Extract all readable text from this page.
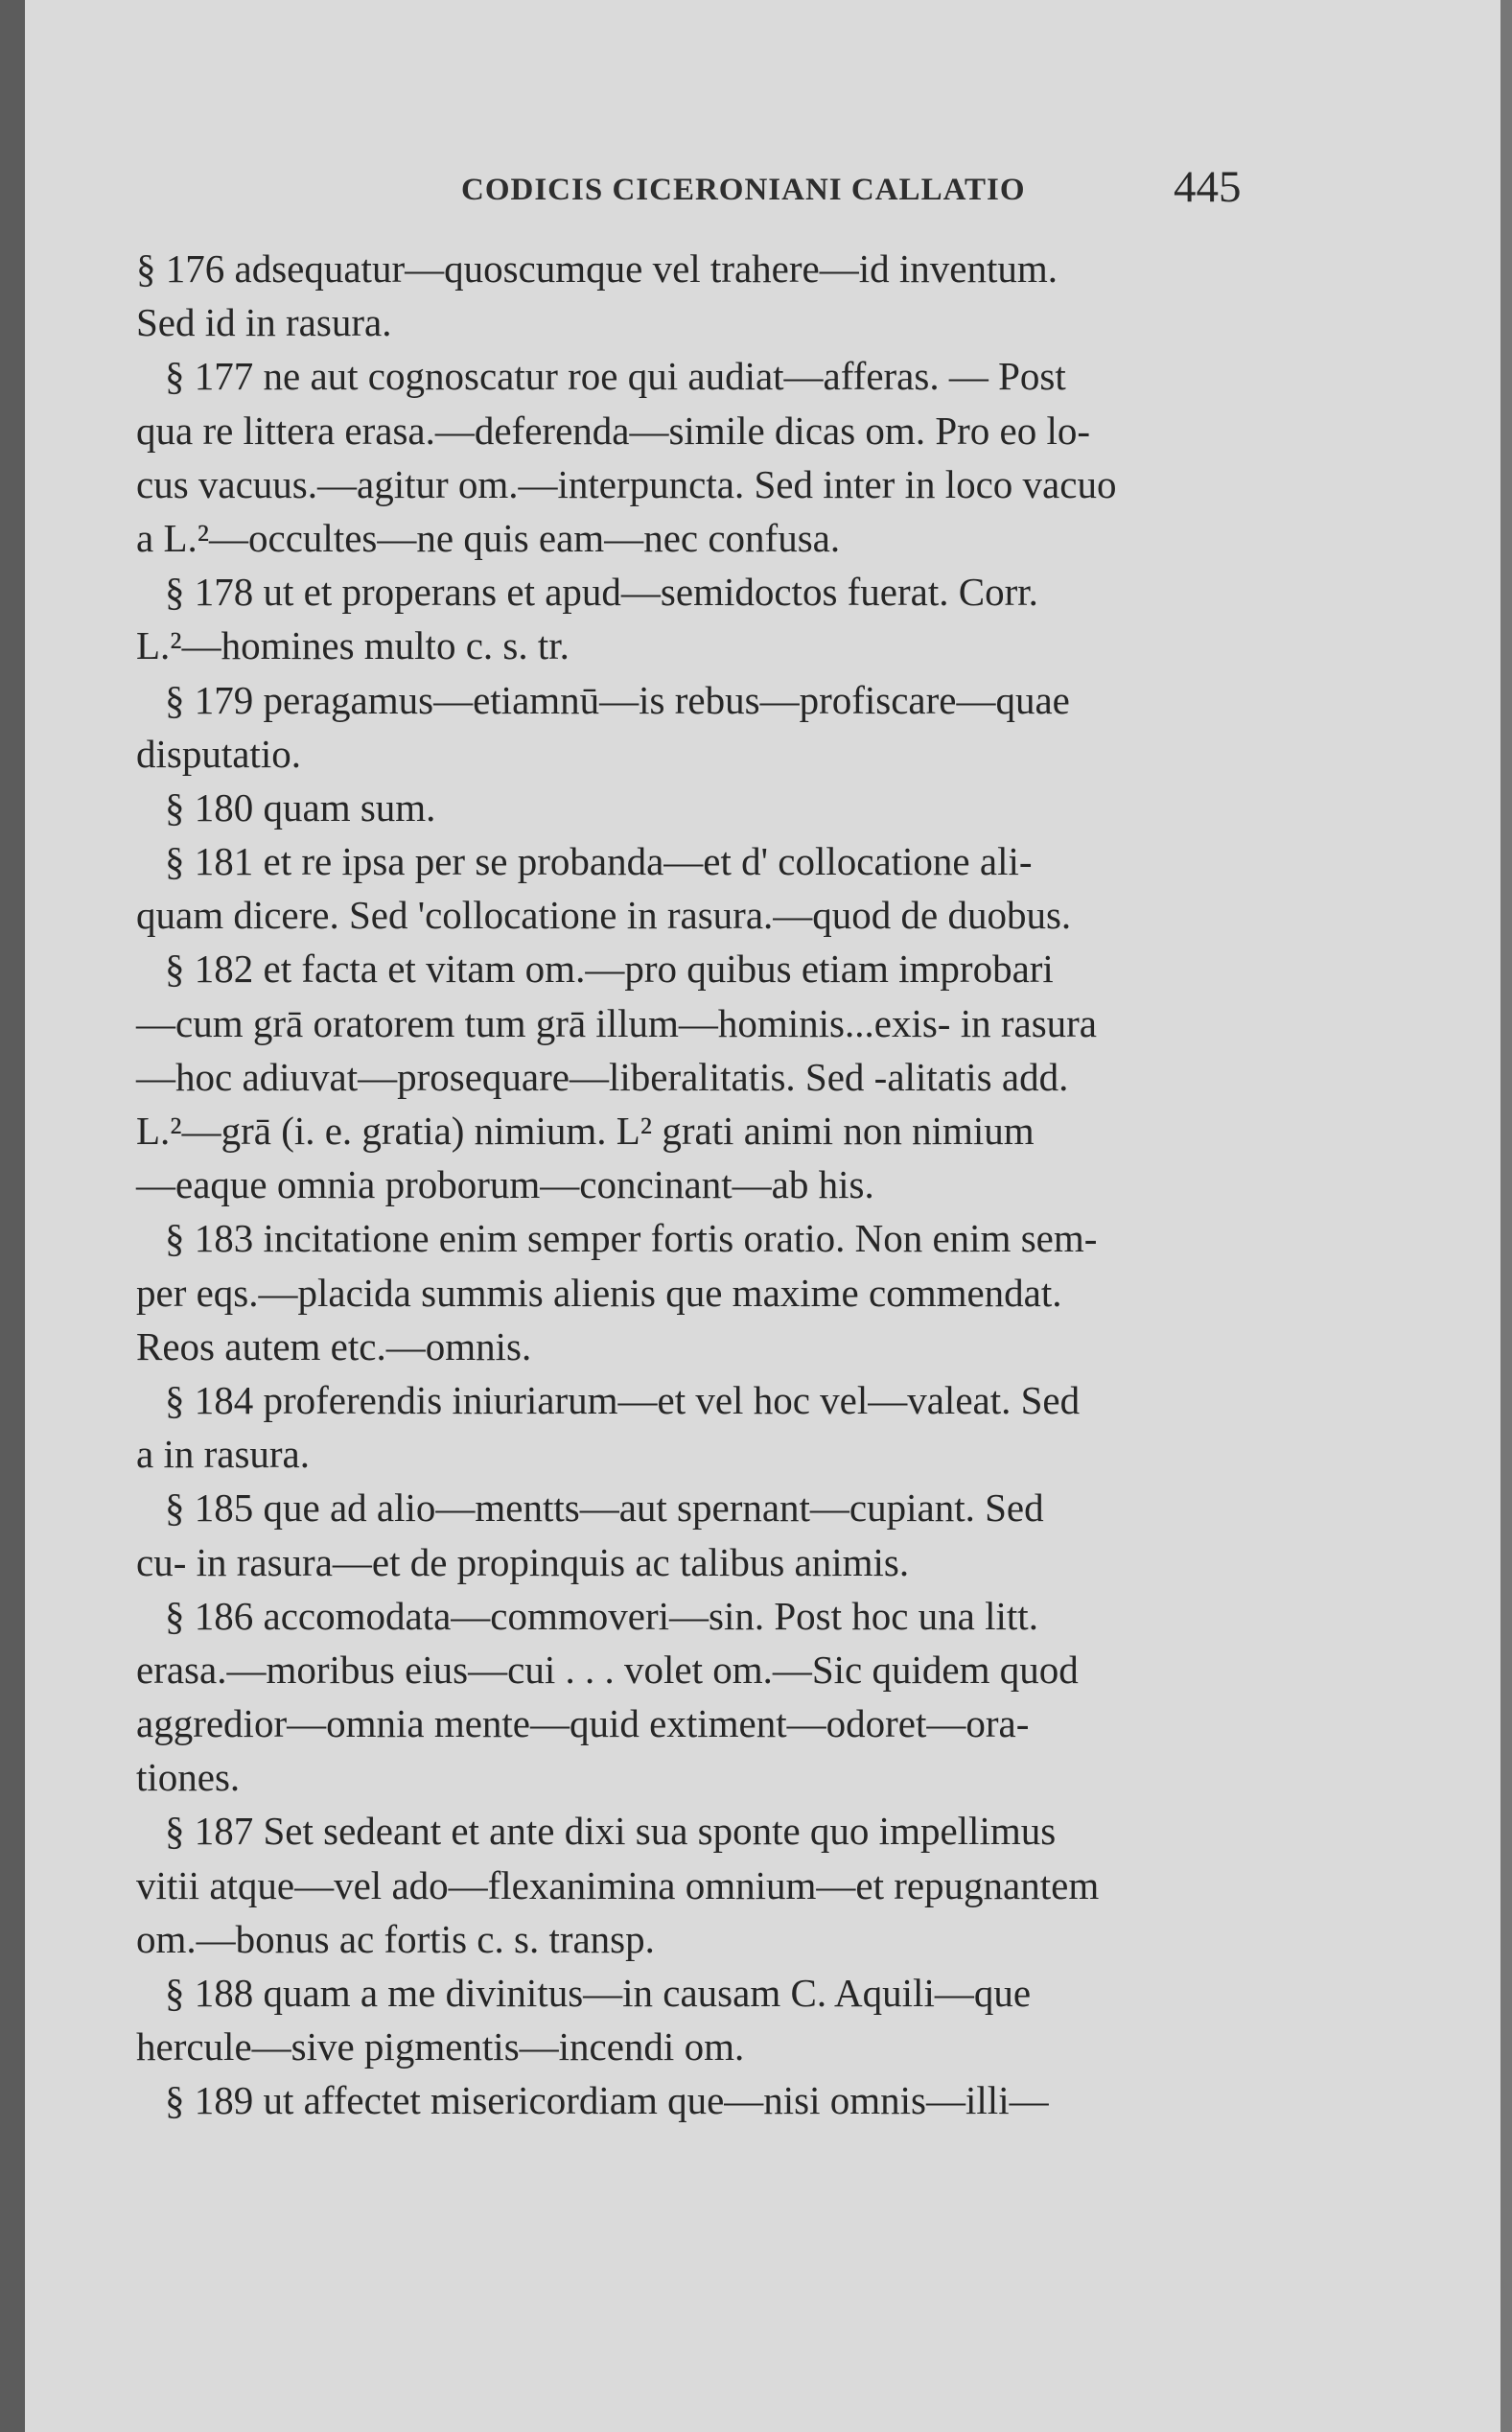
CODICIS CICERONIANI CALLATIO	445
§ 176 adsequatur—quoscumque vel trahere—id inventum.
Sed id in rasura.
§ 177 ne aut cognoscatur roe qui audiat—afferas. — Post
qua re littera erasa.—deferenda—simile dicas om. Pro eo lo-
cus vacuus.—agitur om.—interpuncta. Sed inter in loco vacuo
a L.²—occultes—ne quis eam—nec confusa.
§ 178 ut et properans et apud—semidoctos fuerat. Corr.
L.²—homines multo c. s. tr.
§ 179 peragamus—etiamnū—is rebus—profiscare—quae
disputatio.
§ 180 quam sum.
§ 181 et re ipsa per se probanda—et d' collocatione ali-
quam dicere. Sed 'collocatione in rasura.—quod de duobus.
§ 182 et facta et vitam om.—pro quibus etiam improbari
—cum grā oratorem tum grā illum—hominis...exis- in rasura
—hoc adiuvat—prosequare—liberalitatis. Sed -alitatis add.
L.²—grā (i. e. gratia) nimium. L² grati animi non nimium
—eaque omnia proborum—concinant—ab his.
§ 183 incitatione enim semper fortis oratio. Non enim sem-
per eqs.—placida summis alienis que maxime commendat.
Reos autem etc.—omnis.
§ 184 proferendis iniuriarum—et vel hoc vel—valeat. Sed
a in rasura.
§ 185 que ad alio—mentts—aut spernant—cupiant. Sed
cu- in rasura—et de propinquis ac talibus animis.
§ 186 accomodata—commoveri—sin. Post hoc una litt.
erasa.—moribus eius—cui . . . volet om.—Sic quidem quod
aggredior—omnia mente—quid extiment—odoret—ora-
tiones.
§ 187 Set sedeant et ante dixi sua sponte quo impellimus
vitii atque—vel ado—flexanimina omnium—et repugnantem
om.—bonus ac fortis c. s. transp.
§ 188 quam a me divinitus—in causam C. Aquili—que
hercule—sive pigmentis—incendi om.
§ 189 ut affectet misericordiam que—nisi omnis—illi—
